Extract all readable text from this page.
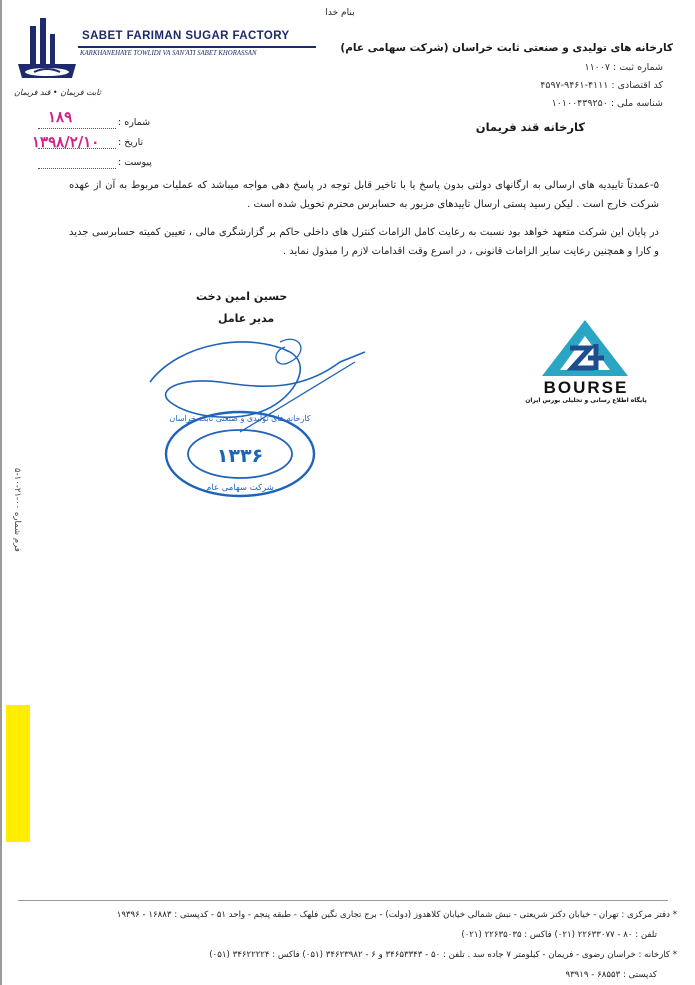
SABET FARIMAN SUGAR FACTORY
KARKHANEHAYE TOWLIDI VA SAN'ATI SABET KHORASSAN
ثابت فریمان • قند فریمان
بنام خدا
کارخانه های تولیدی و صنعتی ثابت خراسان (شرکت سهامی عام)
شماره ثبت : ۱۱۰۰۷
کد اقتصادی : ۴۱۱۱-۹۴۶۱-۴۵۹۷
شناسه ملی : ۱۰۱۰۰۴۳۹۲۵۰
کارخانه قند فریمان
شماره :
۱۸۹
تاریخ :
۱۳۹۸/۲/۱۰
پیوست :
۵-عمدتاً تاییدیه های ارسالی به ارگانهای دولتی بدون پاسخ یا با تاخیر قابل توجه در پاسخ دهی مواجه میباشد که عملیات مربوط به آن از عهده شرکت خارج است . لیکن رسید پستی ارسال تاییدهای مزبور به حسابرس محترم تحویل شده است .
در پایان این شرکت متعهد خواهد بود نسبت به رعایت کامل الزامات کنترل های داخلی حاکم بر گزارشگری مالی ، تعیین کمیته حسابرسی جدید و کارا و همچنین رعایت سایر الزامات قانونی ، در اسرع وقت اقدامات لازم را مبذول نماید .
حسین امین دخت
مدیر عامل
کارخانه های تولیدی و صنعتی ثابت خراسان
۱۳۳۶
شرکت سهامی عام
BOURSE
پایگاه اطلاع رسانی و تحلیلی بورس ایران
فرم شماره ۰۰-۲۱-۱۰-۵
* دفتر مرکزی : تهران - خیابان دکتر شریعتی - نبش شمالی خیابان کلاهدوز (دولت) - برج تجاری نگین فلهک - طبقه پنجم - واحد ۵۱ - کدپستی : ۱۶۸۸۳ - ۱۹۳۹۶
تلفن : ۸۰ - ۲۲۶۳۳۰۷۷ (۰۲۱) فاکس : ۲۲۶۳۵۰۳۵ (۰۲۱)
* کارخانه : خراسان رضوی - فریمان - کیلومتر ۷ جاده سد . تلفن : ۵۰ - ۳۴۶۵۳۳۴۳ و ۶ - ۳۴۶۲۳۹۸۲ (۰۵۱) فاکس : ۳۴۶۲۲۲۲۴ (۰۵۱)
کدپستی : ۶۸۵۵۳ - ۹۳۹۱۹
